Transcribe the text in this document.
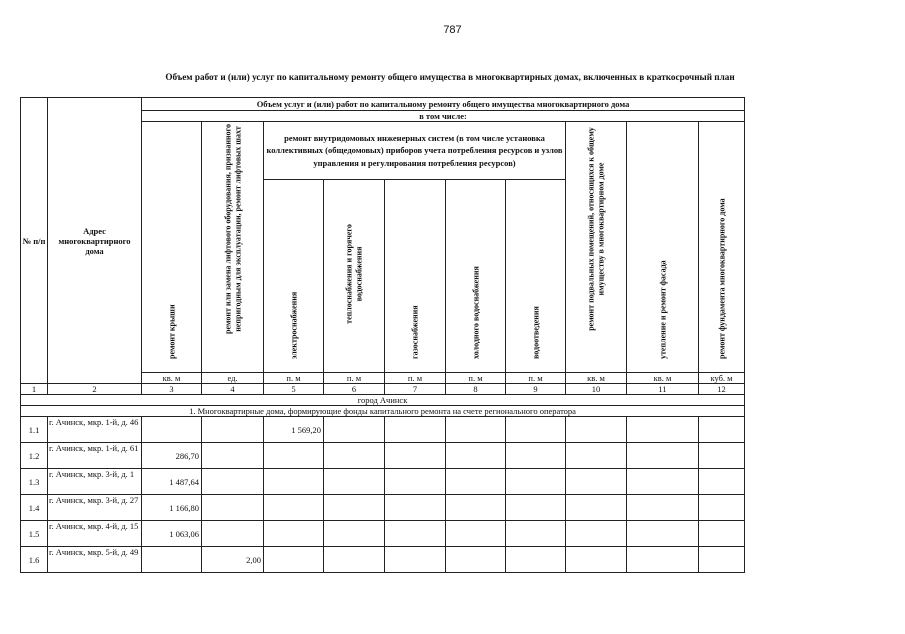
787
Объем работ и (или) услуг по капитальному ремонту общего имущества в многоквартирных домах, включенных в краткосрочный план
№ п/п	Адрес многоквартирного дома	Объем услуг и (или) работ по капитальному ремонту общего имущества многоквартирного дома									
		в том числе:									

		ремонт крыши	ремонт или замена лифтового оборудования, признанного непригодным для эксплуатации, ремонт лифтовых шахт	ремонт внутридомовых инженерных систем (в том числе установка коллективных (общедомовых) приборов учета потребления ресурсов и узлов управления и регулирования потребления ресурсов)					ремонт подвальных помещений, относящихся к общему имуществу в многоквартирном доме	утепление и ремонт фасада	ремонт фундамента многоквартирного дома

				электроснабжения	теплоснабжения и горячего водоснабжения	газоснабжения	холодного водоснабжения	водоотведения			

		кв. м	ед.	п. м	п. м	п. м	п. м	п. м	кв. м	кв. м	куб. м
1	2	3	4	5	6	7	8	9	10	11	12
город Ачинск											
1. Многоквартирные дома, формирующие фонды капитального ремонта на счете регионального оператора											
1.1	г. Ачинск, мкр. 1-й, д. 46			1 569,20							
1.2	г. Ачинск, мкр. 1-й, д. 61	286,70									
1.3	г. Ачинск, мкр. 3-й, д. 1	1 487,64									
1.4	г. Ачинск, мкр. 3-й, д. 27	1 166,80									
1.5	г. Ачинск, мкр. 4-й, д. 15	1 063,06									
1.6	г. Ачинск, мкр. 5-й, д. 49		2,00								
